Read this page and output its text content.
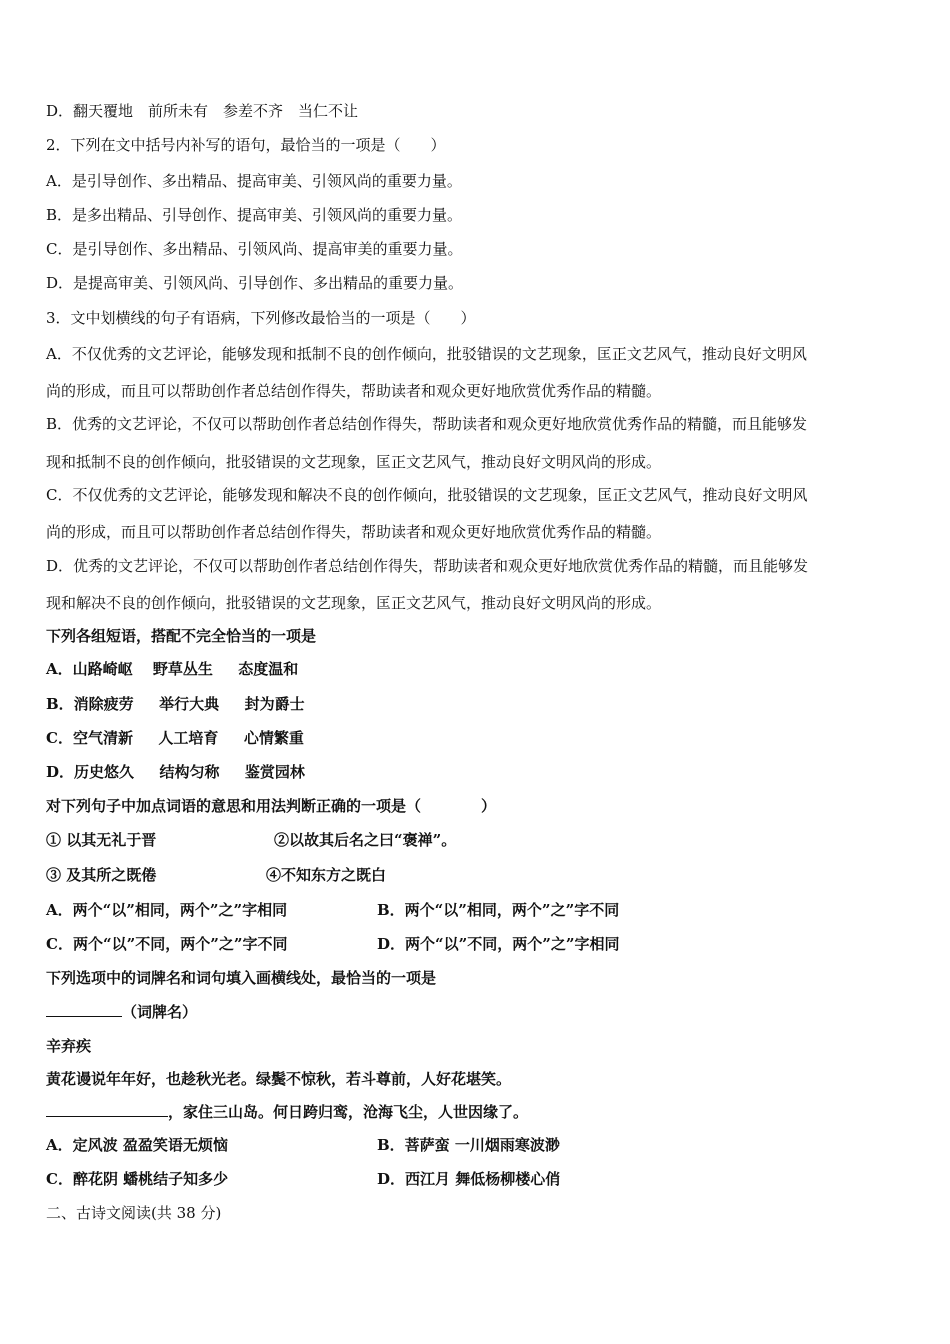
D．翻天覆地　前所未有　参差不齐　当仁不让
2．下列在文中括号内补写的语句，最恰当的一项是（　　）
A．是引导创作、多出精品、提高审美、引领风尚的重要力量。
B．是多出精品、引导创作、提高审美、引领风尚的重要力量。
C．是引导创作、多出精品、引领风尚、提高审美的重要力量。
D．是提高审美、引领风尚、引导创作、多出精品的重要力量。
3．文中划横线的句子有语病，下列修改最恰当的一项是（　　）
A．不仅优秀的文艺评论，能够发现和抵制不良的创作倾向，批驳错误的文艺现象，匡正文艺风气，推动良好文明风
尚的形成，而且可以帮助创作者总结创作得失，帮助读者和观众更好地欣赏优秀作品的精髓。
B．优秀的文艺评论，不仅可以帮助创作者总结创作得失，帮助读者和观众更好地欣赏优秀作品的精髓，而且能够发
现和抵制不良的创作倾向，批驳错误的文艺现象，匡正文艺风气，推动良好文明风尚的形成。
C．不仅优秀的文艺评论，能够发现和解决不良的创作倾向，批驳错误的文艺现象，匡正文艺风气，推动良好文明风
尚的形成，而且可以帮助创作者总结创作得失，帮助读者和观众更好地欣赏优秀作品的精髓。
D．优秀的文艺评论，不仅可以帮助创作者总结创作得失，帮助读者和观众更好地欣赏优秀作品的精髓，而且能够发
现和解决不良的创作倾向，批驳错误的文艺现象，匡正文艺风气，推动良好文明风尚的形成。
下列各组短语，搭配不完全恰当的一项是
A．山路崎岖　 野草丛生 　 态度温和
B．消除疲劳 　 举行大典 　 封为爵士
C．空气清新 　 人工培育 　 心情繁重
D．历史悠久 　 结构匀称 　 鉴赏园林
对下列句子中加点词语的意思和用法判断正确的一项是（　　　　）
① 以其无礼于晋	②以故其后名之曰“褒禅”。
③ 及其所之既倦	④不知东方之既白
A．两个“以”相同，两个”之”字相同	B．两个“以”相同，两个”之”字不同
C．两个“以”不同，两个”之”字不同	D．两个“以”不同，两个”之”字相同
下列选项中的词牌名和词句填入画横线处，最恰当的一项是
（词牌名）
辛弃疾
黄花谩说年年好，也趁秋光老。绿鬓不惊秋，若斗尊前，人好花堪笑。
，家住三山岛。何日跨归鸾，沧海飞尘，人世因缘了。
A．定风波 盈盈笑语无烦恼	B．菩萨蛮 一川烟雨寒波渺
C．醉花阴 蟠桃结子知多少	D．西江月 舞低杨柳楼心俏
二、古诗文阅读(共 38 分)
